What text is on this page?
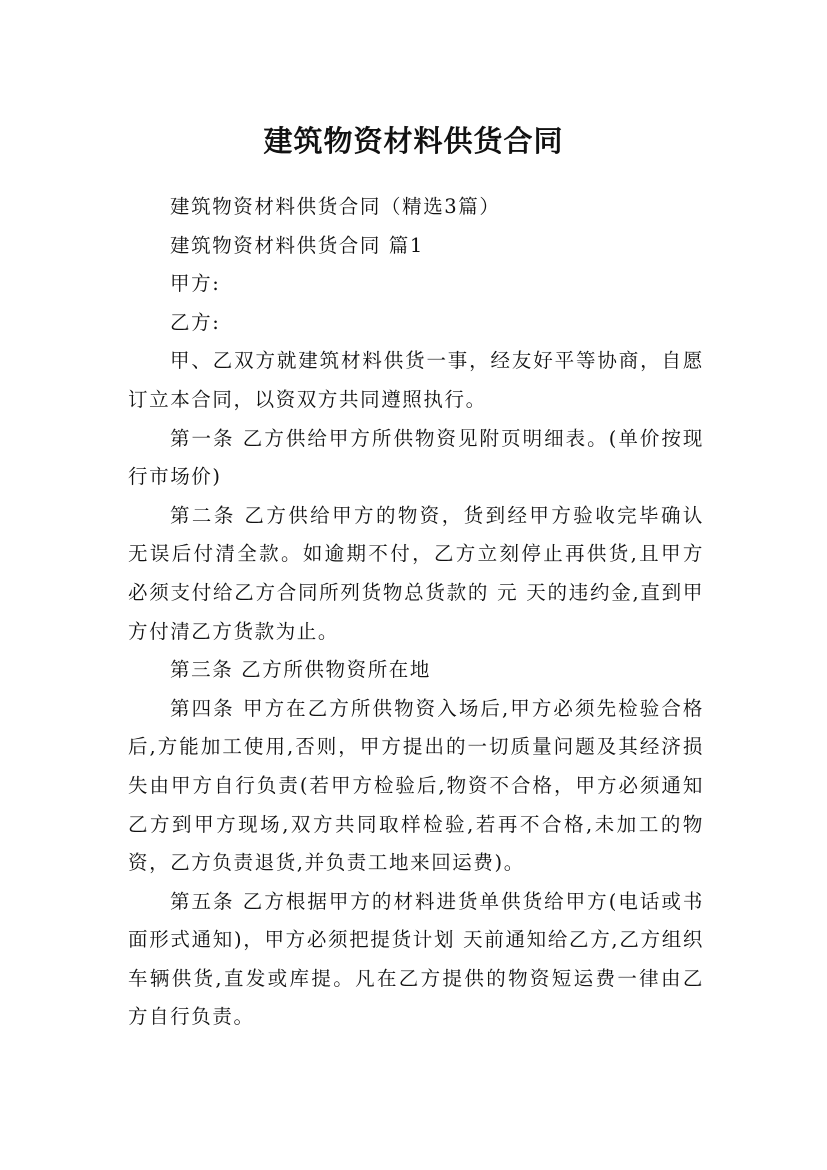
建筑物资材料供货合同

建筑物资材料供货合同（精选3篇）

建筑物资材料供货合同 篇1

甲方:

乙方:

甲、乙双方就建筑材料供货一事，经友好平等协商，自愿订立本合同，以资双方共同遵照执行。

第一条 乙方供给甲方所供物资见附页明细表。(单价按现行市场价)

第二条 乙方供给甲方的物资，货到经甲方验收完毕确认无误后付清全款。如逾期不付，乙方立刻停止再供货,且甲方必须支付给乙方合同所列货物总货款的 元 天的违约金,直到甲方付清乙方货款为止。

第三条 乙方所供物资所在地

第四条 甲方在乙方所供物资入场后,甲方必须先检验合格后,方能加工使用,否则，甲方提出的一切质量问题及其经济损失由甲方自行负责(若甲方检验后,物资不合格，甲方必须通知乙方到甲方现场,双方共同取样检验,若再不合格,未加工的物资，乙方负责退货,并负责工地来回运费)。

第五条 乙方根据甲方的材料进货单供货给甲方(电话或书面形式通知)，甲方必须把提货计划 天前通知给乙方,乙方组织车辆供货,直发或库提。凡在乙方提供的物资短运费一律由乙方自行负责。
